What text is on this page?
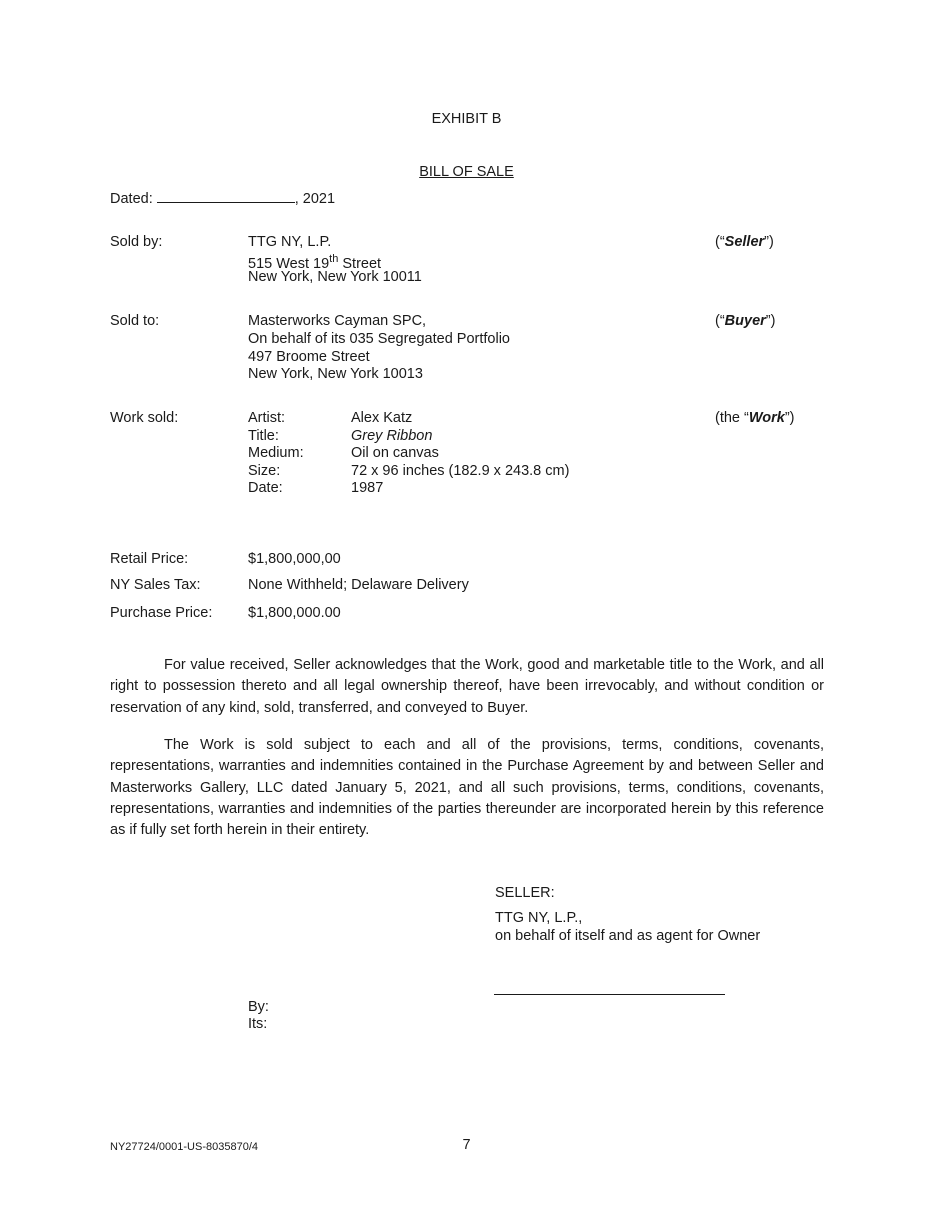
EXHIBIT B
BILL OF SALE
Dated:	, 2021
Sold by:	TTG NY, L.P.
515 West 19th Street
New York, New York 10011
(“Seller”)
Sold to:	Masterworks Cayman SPC,
On behalf of its 035 Segregated Portfolio
497 Broome Street
New York, New York 10013
(“Buyer”)
Work sold:	Artist:	Alex Katz
Title:	Grey Ribbon
Medium:	Oil on canvas
Size:	72 x 96 inches (182.9 x 243.8 cm)
Date:	1987
(the “Work”)
Retail Price:	$1,800,000,00
NY Sales Tax:	None Withheld; Delaware Delivery
Purchase Price: $1,800,000.00
For value received, Seller acknowledges that the Work, good and marketable title to the Work, and all right to possession thereto and all legal ownership thereof, have been irrevocably, and without condition or reservation of any kind, sold, transferred, and conveyed to Buyer.
The Work is sold subject to each and all of the provisions, terms, conditions, covenants, representations, warranties and indemnities contained in the Purchase Agreement by and between Seller and Masterworks Gallery, LLC dated January 5, 2021, and all such provisions, terms, conditions, covenants, representations, warranties and indemnities of the parties thereunder are incorporated herein by this reference as if fully set forth herein in their entirety.
SELLER:
TTG NY, L.P.,
on behalf of itself and as agent for Owner
By:
Its:
NY27724/0001-US-8035870/4	7
